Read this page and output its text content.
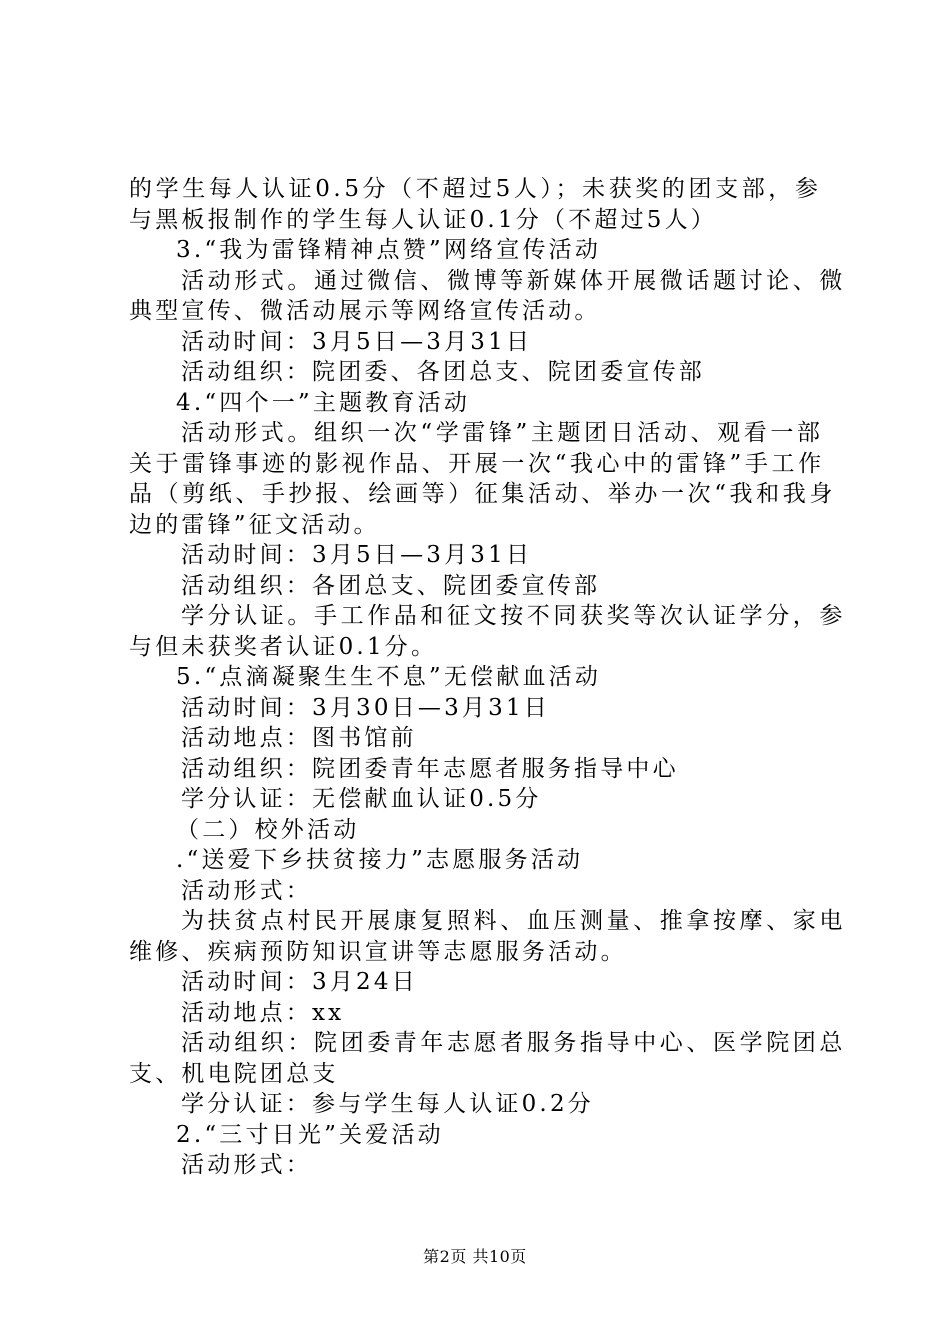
的学生每人认证0.5分（不超过5人）；未获奖的团支部，参
与黑板报制作的学生每人认证0.1分（不超过5人）
3.“我为雷锋精神点赞”网络宣传活动
活动形式。通过微信、微博等新媒体开展微话题讨论、微
典型宣传、微活动展示等网络宣传活动。
活动时间：3月5日—3月31日
活动组织：院团委、各团总支、院团委宣传部
4.“四个一”主题教育活动
活动形式。组织一次“学雷锋”主题团日活动、观看一部
关于雷锋事迹的影视作品、开展一次“我心中的雷锋”手工作
品（剪纸、手抄报、绘画等）征集活动、举办一次“我和我身
边的雷锋”征文活动。
活动时间：3月5日—3月31日
活动组织：各团总支、院团委宣传部
学分认证。手工作品和征文按不同获奖等次认证学分，参
与但未获奖者认证0.1分。
5.“点滴凝聚生生不息”无偿献血活动
活动时间：3月30日—3月31日
活动地点：图书馆前
活动组织：院团委青年志愿者服务指导中心
学分认证：无偿献血认证0.5分
（二）校外活动
.“送爱下乡扶贫接力”志愿服务活动
活动形式：
为扶贫点村民开展康复照料、血压测量、推拿按摩、家电
维修、疾病预防知识宣讲等志愿服务活动。
活动时间：3月24日
活动地点：xx
活动组织：院团委青年志愿者服务指导中心、医学院团总
支、机电院团总支
学分认证：参与学生每人认证0.2分
2.“三寸日光”关爱活动
活动形式：
第2页 共10页
